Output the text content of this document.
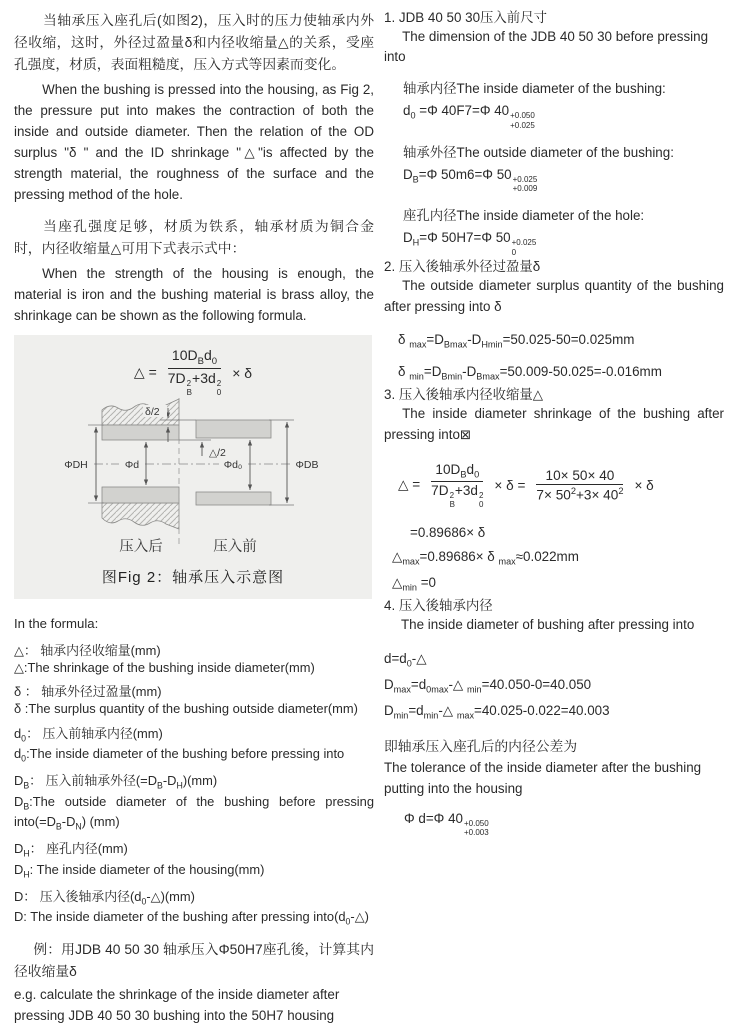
当轴承压入座孔后(如图2)，压入时的压力使轴承内外径收缩，这时，外径过盈量δ和内径收缩量△的关系，受座孔强度，材质，表面粗糙度，压入方式等因素而变化。

When the bushing is pressed into the housing, as Fig 2, the pressure put into makes the contraction of both the inside and outside diameter. Then the relation of the OD surplus "δ " and the ID shrinkage "△"is affected by the strength material, the roughness of the surface and the pressing method of the hole.

当座孔强度足够，材质为铁系，轴承材质为铜合金时，内径收缩量△可用下式表示式中：

When the strength of the housing is enough, the material is iron and the bushing material is brass alloy, the shrinkage can be shown as the following formula.

△ = $10D_Bd_0$
7D 2
B
+3d 2
0 × δ
δ/2
△/2
ΦDH	Φd	Φd₀	ΦDB
压入后	压入前

图Fig 2：轴承压入示意图

In the formula:

△： 轴承内径收缩量(mm)

△:The shrinkage of the bushing inside diameter(mm)

δ ： 轴承外径过盈量(mm)

δ :The surplus quantity of the bushing outside diameter(mm)

$d_0$： 压入前轴承内径(mm)

$d_0:The$ inside diameter of the bushing before pressing into

$D_B$： 压入前轴承外径$(=D_B-D_H)(mm)$

$D_B:The$ outside diameter of the bushing before pressing $into(=D_B-D_N)$ (mm)

$D_H$： 座孔内径(mm)

$D_H$: The inside diameter of the housing(mm)

D： 压入後轴承内径$(d_0-\triangle)(mm)$

D: The inside diameter of the bushing after pressing $into(d_0-\triangle)$

例：用JDB 40 50 30 轴承压入Φ50H7座孔後，计算其内径收缩量δ

e.g. calculate the shrinkage of the inside diameter after pressing JDB 40 50 30 bushing into the 50H7 housing

1. JDB 40 50 30压入前尺寸

The dimension of the JDB 40 50 30 before pressing into

轴承内径The inside diameter of the bushing:

$d_0 =\Phi$ 40F7=Φ 40 +0.050
+0.025

轴承外径The outside diameter of the bushing:

$D_B=\Phi$ 50m6=Φ 50 +0.025
+0.009

座孔内径The inside diameter of the hole:

$D_H=\Phi$ 50H7=Φ 50 +0.025
0

2. 压入後轴承外径过盈量δ

The outside diameter surplus quantity of the bushing after pressing into δ

δ $_{max}=D_{Bmax}-D_{Hmin}=50.025-50=0.025mm$

δ $_{min}=D_{Bmin}-D_{Bmax}=50.009-50.025=-0.016mm$

3. 压入後轴承内径收缩量△

The inside diameter shrinkage of the bushing after pressing into⊠

△ = $10D_Bd_0$
7D 2
B
+3d 2
$0 \times \delta = \frac{10\times 50\times 40}{7\times 50^2+3\times 40^2} \times \delta$

=0.89686× δ

$\triangle_{max}=0.89686\times \delta$ $_{max}$≈0.022mm

$\triangle_{min} =0$

4. 压入後轴承内径

The inside diameter of bushing after pressing into

$d=d_0-\triangle$

$D_{max}=d_{0max}-\triangle$ $_{min}$=40.050-0=40.050

$D_{min}=d_{min}-\triangle$ $_{max}$=40.025-0.022=40.003

即轴承压入座孔后的内径公差为

The tolerance of the inside diameter after the bushing putting into the housing

Φ d=Φ 40 +0.050
+0.003
